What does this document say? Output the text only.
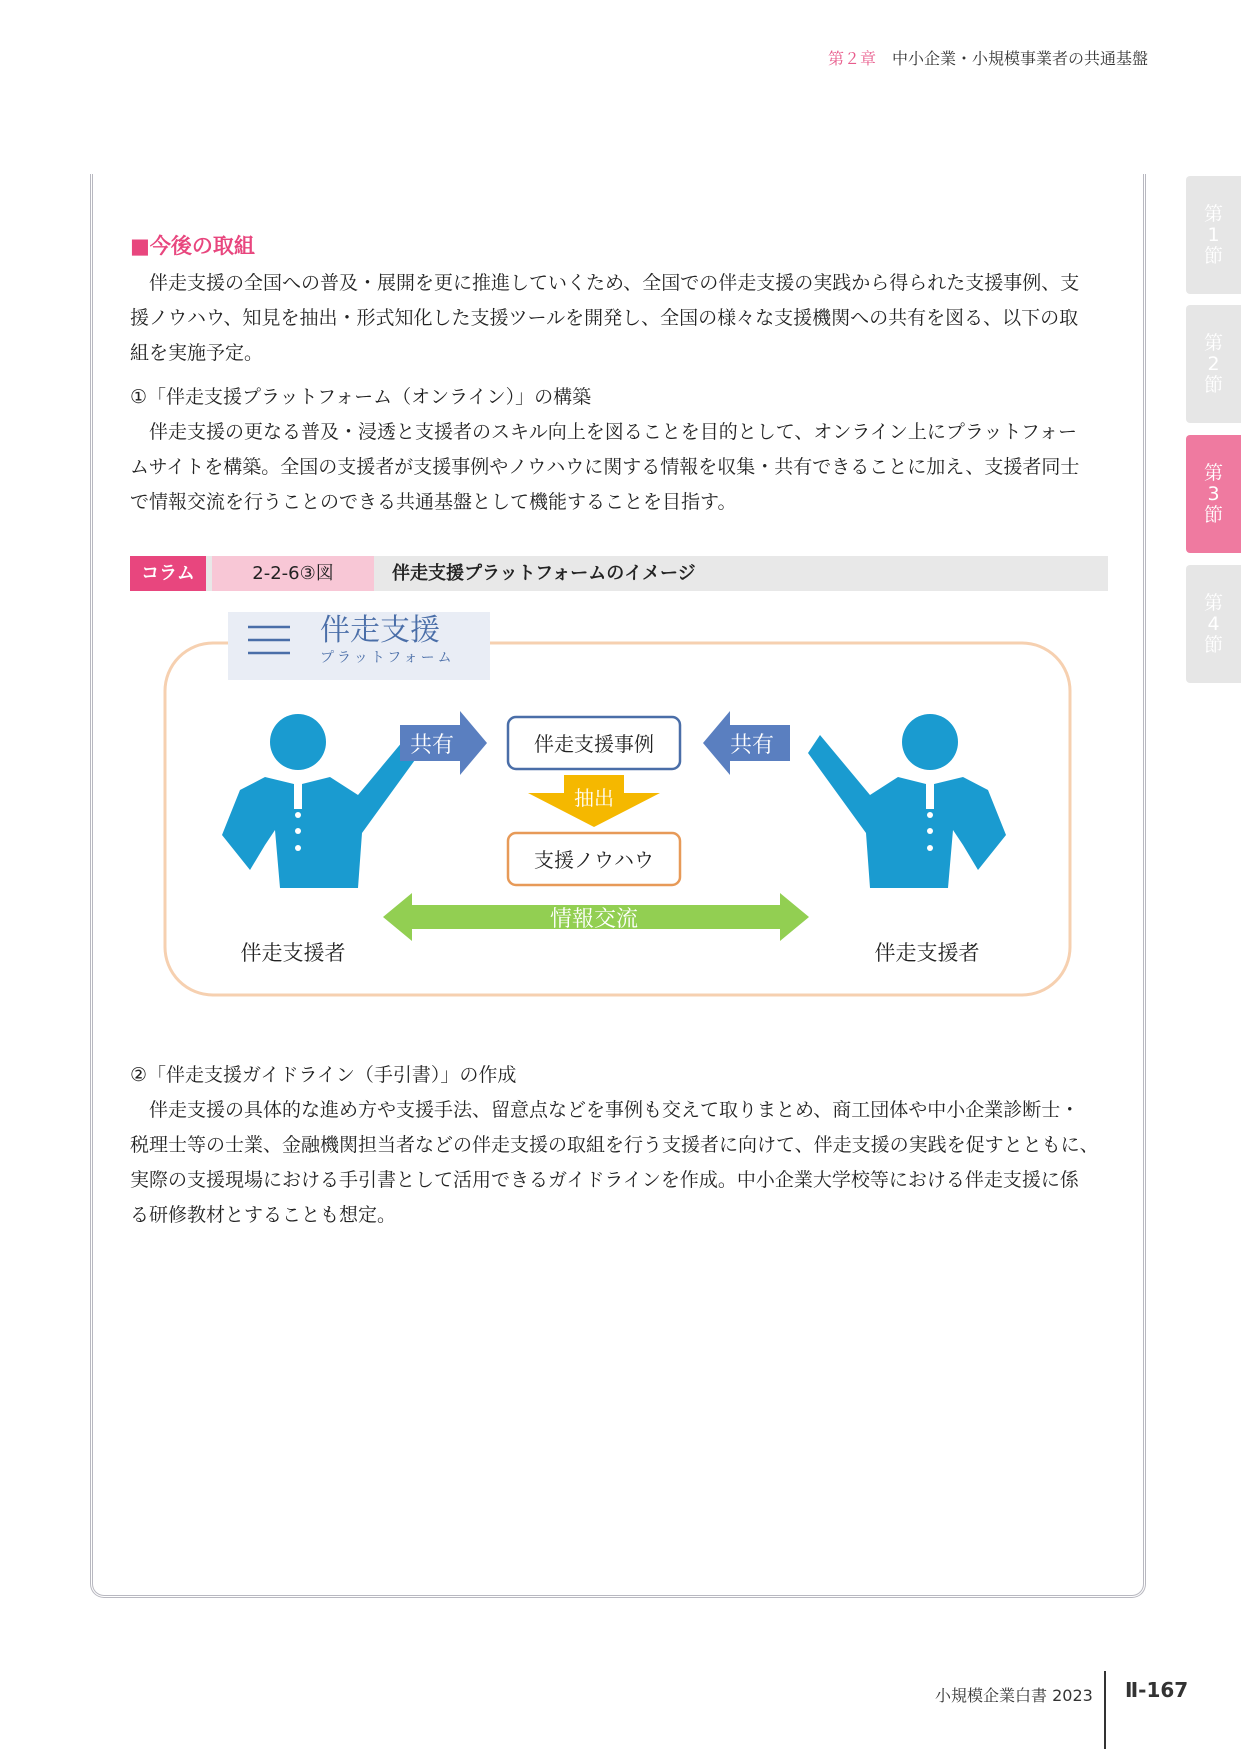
第２章 中小企業・小規模事業者の共通基盤
第1節
第2節
第3節
第4節
■今後の取組

伴走支援の全国への普及・展開を更に推進していくため、全国での伴走支援の実践から得られた支援事例、支

援ノウハウ、知見を抽出・形式知化した支援ツールを開発し、全国の様々な支援機関への共有を図る、以下の取

組を実施予定。

①「伴走支援プラットフォーム（オンライン）」の構築

伴走支援の更なる普及・浸透と支援者のスキル向上を図ることを目的として、オンライン上にプラットフォー

ムサイトを構築。全国の支援者が支援事例やノウハウに関する情報を収集・共有できることに加え、支援者同士

で情報交流を行うことのできる共通基盤として機能することを目指す。

コラム	2-2-6③図	伴走支援プラットフォームのイメージ
伴走支援
プラットフォーム
共有	共有
伴走支援事例
抽出
支援ノウハウ
情報交流
伴走支援者	伴走支援者

②「伴走支援ガイドライン（手引書）」の作成

伴走支援の具体的な進め方や支援手法、留意点などを事例も交えて取りまとめ、商工団体や中小企業診断士・

税理士等の士業、金融機関担当者などの伴走支援の取組を行う支援者に向けて、伴走支援の実践を促すとともに、

実際の支援現場における手引書として活用できるガイドラインを作成。中小企業大学校等における伴走支援に係

る研修教材とすることも想定。

小規模企業白書 2023 Ⅱ-167
